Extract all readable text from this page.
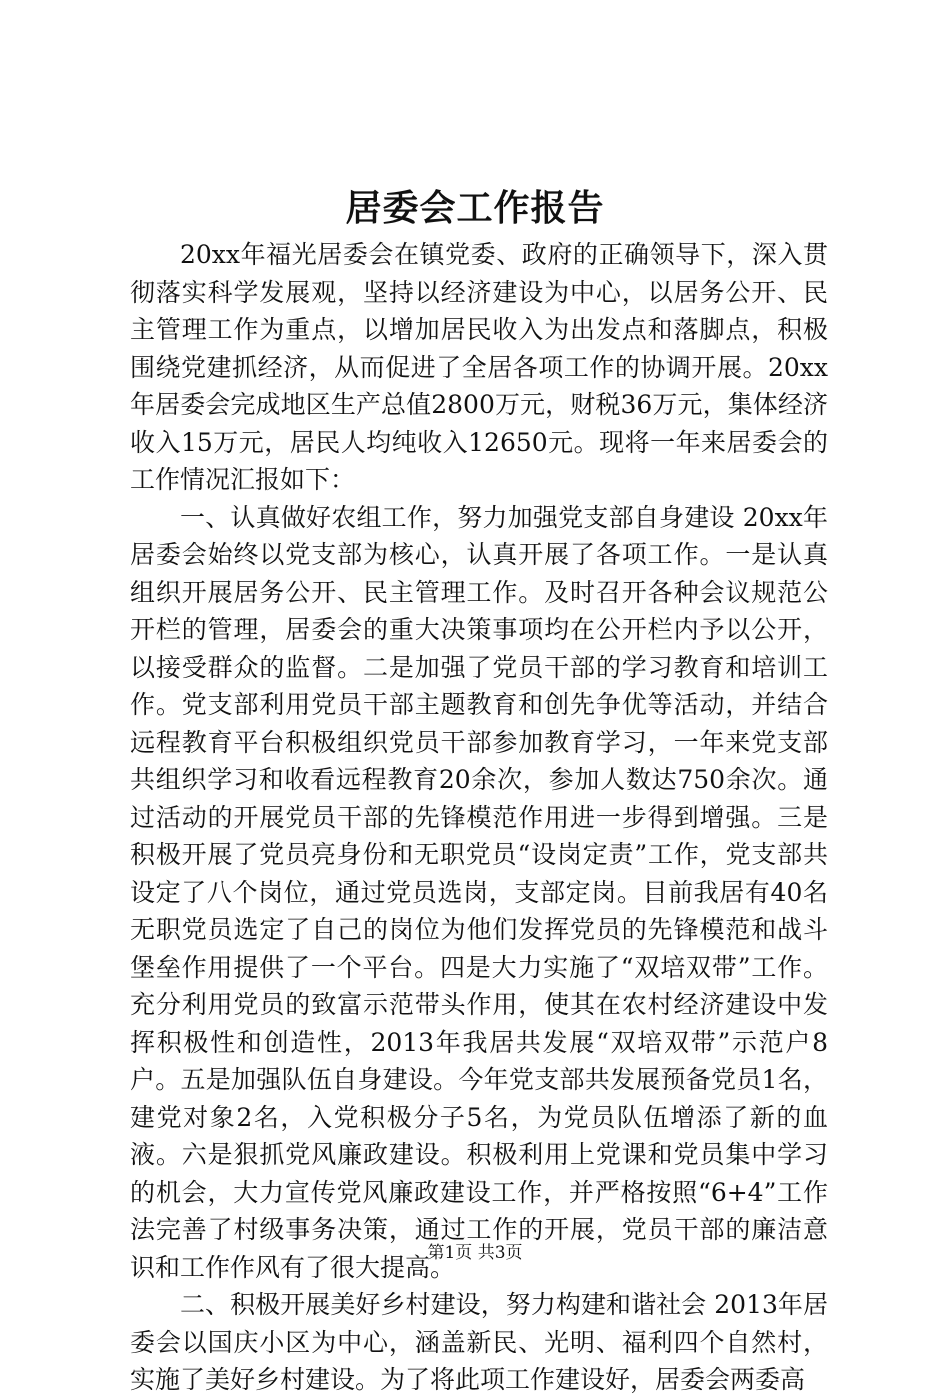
居委会工作报告

20xx年福光居委会在镇党委、政府的正确领导下，深入贯彻落实科学发展观，坚持以经济建设为中心，以居务公开、民主管理工作为重点，以增加居民收入为出发点和落脚点，积极围绕党建抓经济，从而促进了全居各项工作的协调开展。20xx年居委会完成地区生产总值2800万元，财税36万元，集体经济收入15万元，居民人均纯收入12650元。现将一年来居委会的工作情况汇报如下：

一、认真做好农组工作，努力加强党支部自身建设 20xx年居委会始终以党支部为核心，认真开展了各项工作。一是认真组织开展居务公开、民主管理工作。及时召开各种会议规范公开栏的管理，居委会的重大决策事项均在公开栏内予以公开，以接受群众的监督。二是加强了党员干部的学习教育和培训工作。党支部利用党员干部主题教育和创先争优等活动，并结合远程教育平台积极组织党员干部参加教育学习，一年来党支部共组织学习和收看远程教育20余次，参加人数达750余次。通过活动的开展党员干部的先锋模范作用进一步得到增强。三是积极开展了党员亮身份和无职党员“设岗定责”工作，党支部共设定了八个岗位，通过党员选岗，支部定岗。目前我居有40名无职党员选定了自己的岗位为他们发挥党员的先锋模范和战斗堡垒作用提供了一个平台。四是大力实施了“双培双带”工作。充分利用党员的致富示范带头作用，使其在农村经济建设中发挥积极性和创造性，2013年我居共发展“双培双带”示范户8户。五是加强队伍自身建设。今年党支部共发展预备党员1名，建党对象2名，入党积极分子5名，为党员队伍增添了新的血液。六是狠抓党风廉政建设。积极利用上党课和党员集中学习的机会，大力宣传党风廉政建设工作，并严格按照“6+4”工作法完善了村级事务决策，通过工作的开展，党员干部的廉洁意识和工作作风有了很大提高。

二、积极开展美好乡村建设，努力构建和谐社会 2013年居委会以国庆小区为中心，涵盖新民、光明、福利四个自然村，实施了美好乡村建设。为了将此项工作建设好，居委会两委高

第1页 共3页
